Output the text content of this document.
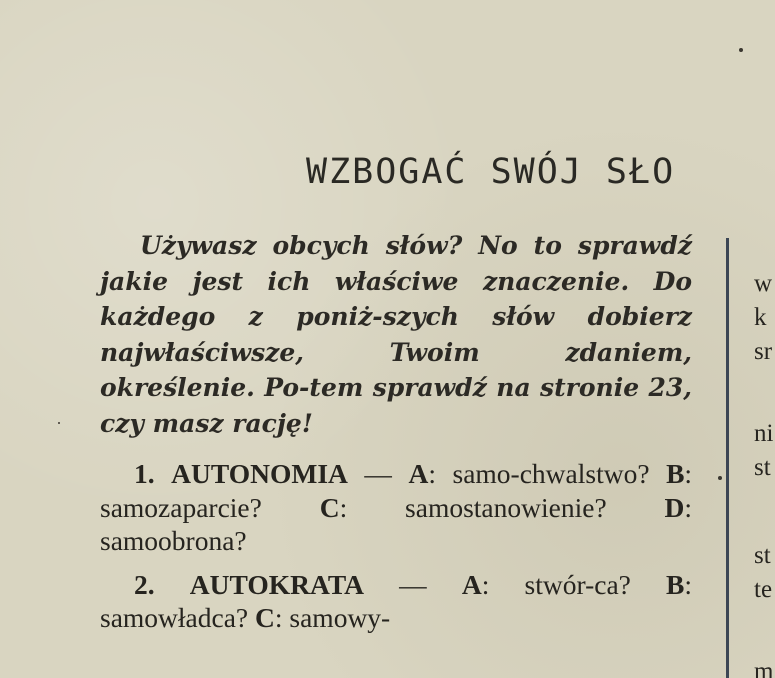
WZBOGAĆ SWÓJ SŁO

Używasz obcych słów? No to sprawdź jakie jest ich właściwe znaczenie. Do każdego z poniż-szych słów dobierz najwłaściwsze,	Twoim zdaniem, określenie. Po-tem sprawdź na stronie 23, czy masz rację!

1. AUTONOMIA — A: samo-chwalstwo? B: samozaparcie? C: samostanowienie? D: samoobrona?

2. AUTOKRATA — A: stwór-ca? B: samowładca? C: samowy-

w

k

sr

ni

st

st

te

m
